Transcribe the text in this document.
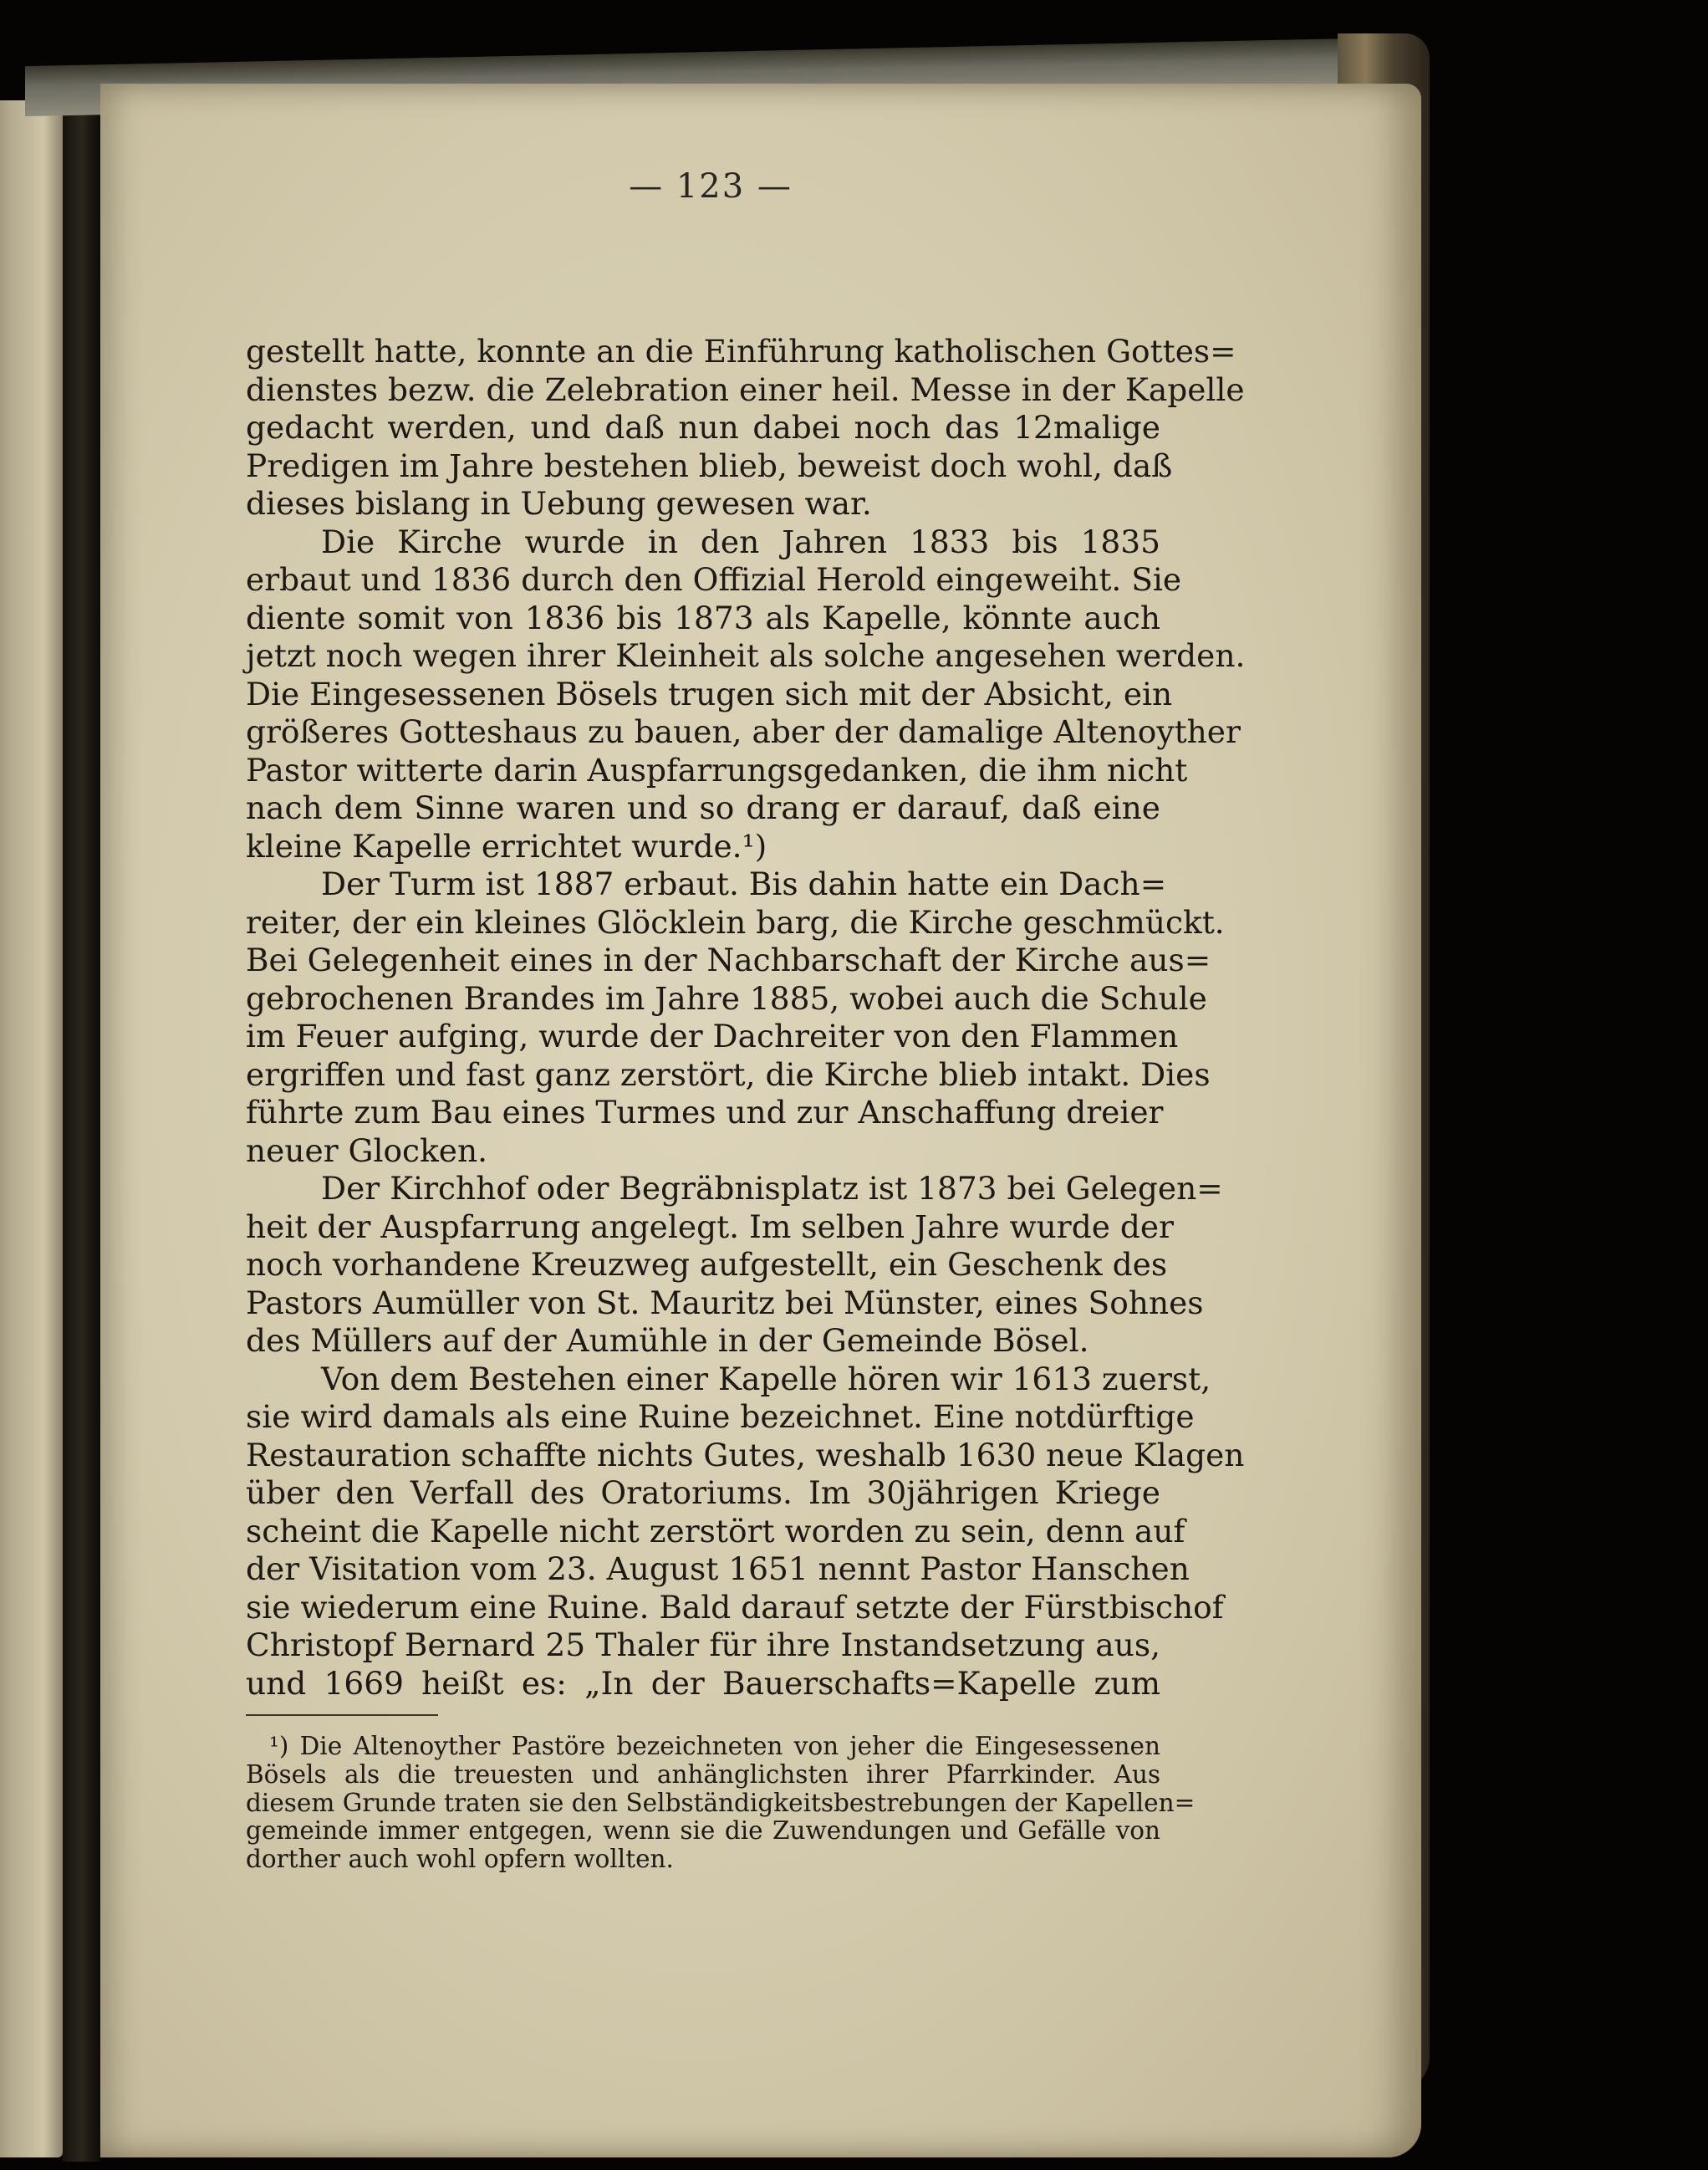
— 123 —
gestellt hatte, konnte an die Einführung katholischen Gottes=
dienstes bezw. die Zelebration einer heil. Messe in der Kapelle
gedacht werden, und daß nun dabei noch das 12malige
Predigen im Jahre bestehen blieb, beweist doch wohl, daß
dieses bislang in Uebung gewesen war.
Die Kirche wurde in den Jahren 1833 bis 1835
erbaut und 1836 durch den Offizial Herold eingeweiht. Sie
diente somit von 1836 bis 1873 als Kapelle, könnte auch
jetzt noch wegen ihrer Kleinheit als solche angesehen werden.
Die Eingesessenen Bösels trugen sich mit der Absicht, ein
größeres Gotteshaus zu bauen, aber der damalige Altenoyther
Pastor witterte darin Auspfarrungsgedanken, die ihm nicht
nach dem Sinne waren und so drang er darauf, daß eine
kleine Kapelle errichtet wurde.¹)
Der Turm ist 1887 erbaut. Bis dahin hatte ein Dach=
reiter, der ein kleines Glöcklein barg, die Kirche geschmückt.
Bei Gelegenheit eines in der Nachbarschaft der Kirche aus=
gebrochenen Brandes im Jahre 1885, wobei auch die Schule
im Feuer aufging, wurde der Dachreiter von den Flammen
ergriffen und fast ganz zerstört, die Kirche blieb intakt. Dies
führte zum Bau eines Turmes und zur Anschaffung dreier
neuer Glocken.
Der Kirchhof oder Begräbnisplatz ist 1873 bei Gelegen=
heit der Auspfarrung angelegt. Im selben Jahre wurde der
noch vorhandene Kreuzweg aufgestellt, ein Geschenk des
Pastors Aumüller von St. Mauritz bei Münster, eines Sohnes
des Müllers auf der Aumühle in der Gemeinde Bösel.
Von dem Bestehen einer Kapelle hören wir 1613 zuerst,
sie wird damals als eine Ruine bezeichnet. Eine notdürftige
Restauration schaffte nichts Gutes, weshalb 1630 neue Klagen
über den Verfall des Oratoriums. Im 30jährigen Kriege
scheint die Kapelle nicht zerstört worden zu sein, denn auf
der Visitation vom 23. August 1651 nennt Pastor Hanschen
sie wiederum eine Ruine. Bald darauf setzte der Fürstbischof
Christopf Bernard 25 Thaler für ihre Instandsetzung aus,
und 1669 heißt es: „In der Bauerschafts=Kapelle zum
¹) Die Altenoyther Pastöre bezeichneten von jeher die Eingesessenen
Bösels als die treuesten und anhänglichsten ihrer Pfarrkinder. Aus
diesem Grunde traten sie den Selbständigkeitsbestrebungen der Kapellen=
gemeinde immer entgegen, wenn sie die Zuwendungen und Gefälle von
dorther auch wohl opfern wollten.
